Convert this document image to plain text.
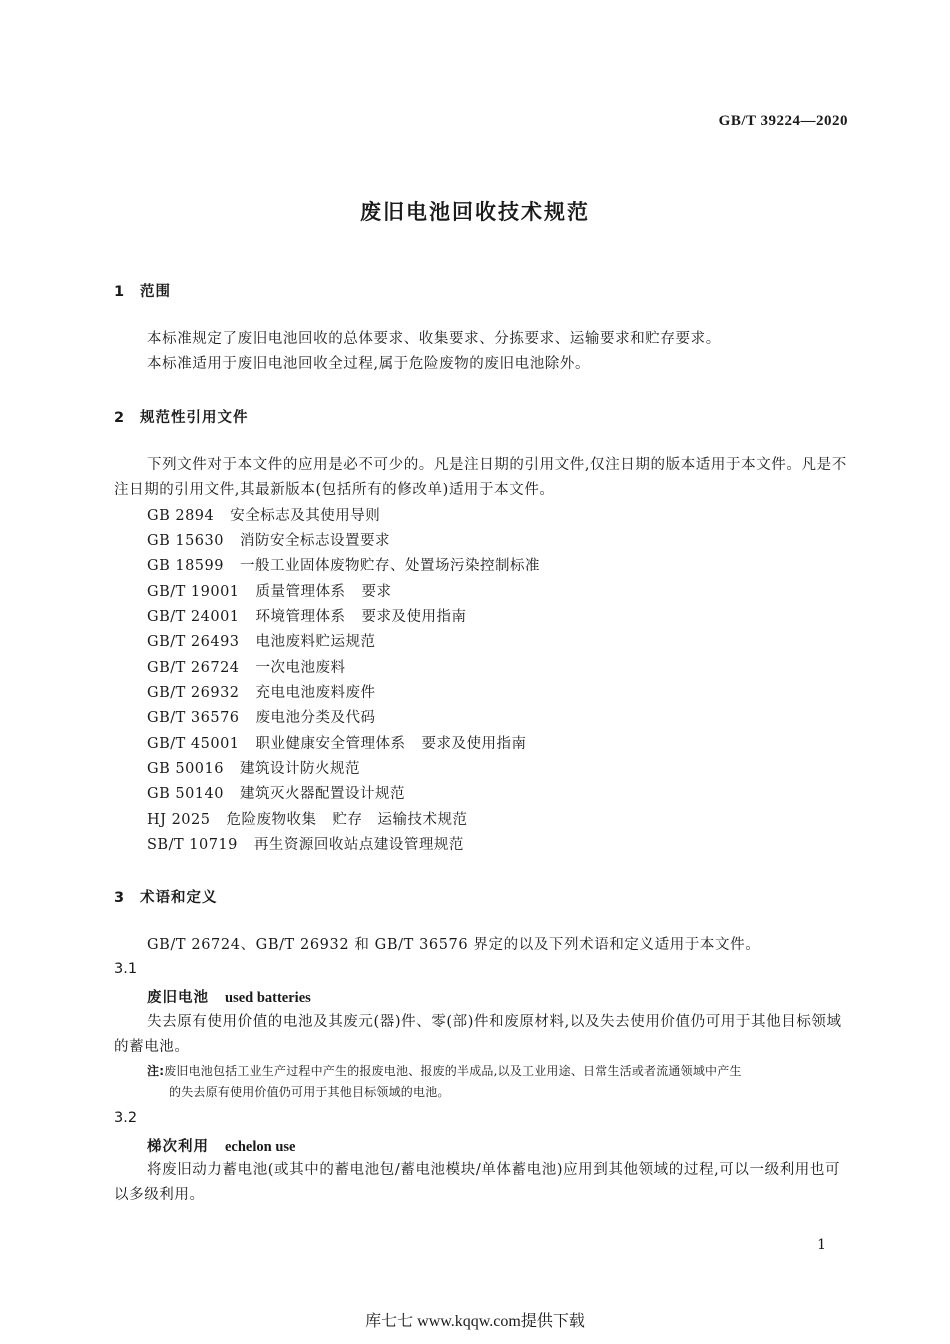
GB/T 39224—2020
废旧电池回收技术规范
1 范围
本标准规定了废旧电池回收的总体要求、收集要求、分拣要求、运输要求和贮存要求。
本标准适用于废旧电池回收全过程,属于危险废物的废旧电池除外。
2 规范性引用文件
下列文件对于本文件的应用是必不可少的。凡是注日期的引用文件,仅注日期的版本适用于本文件。凡是不注日期的引用文件,其最新版本(包括所有的修改单)适用于本文件。
GB 2894 安全标志及其使用导则
GB 15630 消防安全标志设置要求
GB 18599 一般工业固体废物贮存、处置场污染控制标准
GB/T 19001 质量管理体系 要求
GB/T 24001 环境管理体系 要求及使用指南
GB/T 26493 电池废料贮运规范
GB/T 26724 一次电池废料
GB/T 26932 充电电池废料废件
GB/T 36576 废电池分类及代码
GB/T 45001 职业健康安全管理体系 要求及使用指南
GB 50016 建筑设计防火规范
GB 50140 建筑灭火器配置设计规范
HJ 2025 危险废物收集 贮存　运输技术规范
SB/T 10719 再生资源回收站点建设管理规范
3 术语和定义
GB/T 26724、GB/T 26932 和 GB/T 36576 界定的以及下列术语和定义适用于本文件。
3.1
废旧电池 used batteries
失去原有使用价值的电池及其废元(器)件、零(部)件和废原材料,以及失去使用价值仍可用于其他目标领域的蓄电池。
注:废旧电池包括工业生产过程中产生的报废电池、报废的半成品,以及工业用途、日常生活或者流通领域中产生
的失去原有使用价值仍可用于其他目标领域的电池。
3.2
梯次利用 echelon use
将废旧动力蓄电池(或其中的蓄电池包/蓄电池模块/单体蓄电池)应用到其他领域的过程,可以一级利用也可以多级利用。
1
库七七 www.kqqw.com提供下载
